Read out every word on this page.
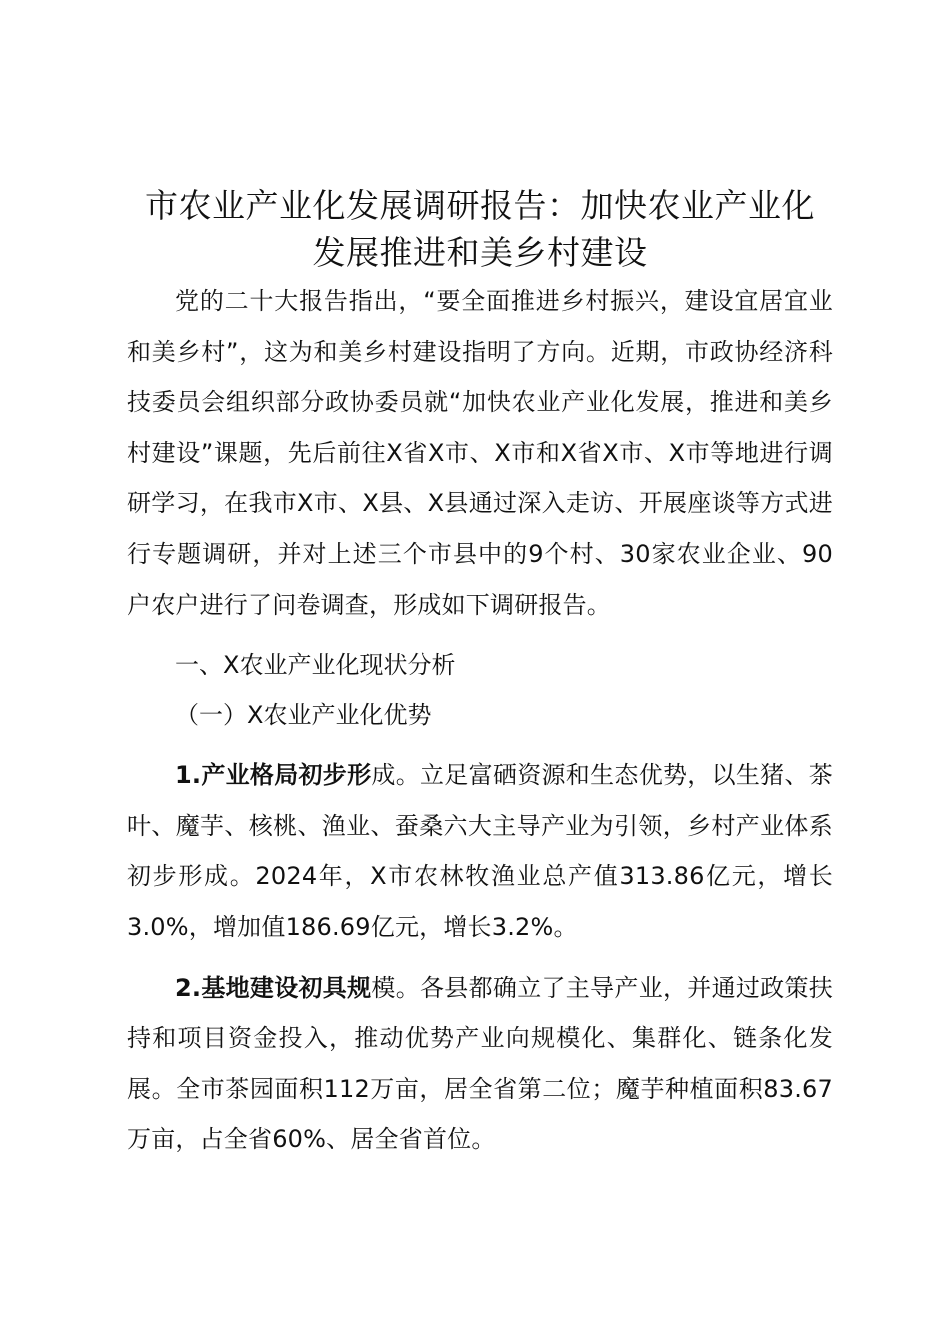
市农业产业化发展调研报告：加快农业产业化
发展推进和美乡村建设

党的二十大报告指出，“要全面推进乡村振兴，建设宜居宜业和美乡村”，这为和美乡村建设指明了方向。近期，市政协经济科技委员会组织部分政协委员就“加快农业产业化发展，推进和美乡村建设”课题，先后前往X省X市、X市和X省X市、X市等地进行调研学习，在我市X市、X县、X县通过深入走访、开展座谈等方式进行专题调研，并对上述三个市县中的9个村、30家农业企业、90户农户进行了问卷调查，形成如下调研报告。

一、X农业产业化现状分析

（一）X农业产业化优势

1.产业格局初步形成。立足富硒资源和生态优势，以生猪、茶叶、魔芋、核桃、渔业、蚕桑六大主导产业为引领，乡村产业体系初步形成。2024年，X市农林牧渔业总产值313.86亿元，增长3.0%，增加值186.69亿元，增长3.2%。

2.基地建设初具规模。各县都确立了主导产业，并通过政策扶持和项目资金投入，推动优势产业向规模化、集群化、链条化发展。全市茶园面积112万亩，居全省第二位；魔芋种植面积83.67万亩，占全省60%、居全省首位。
